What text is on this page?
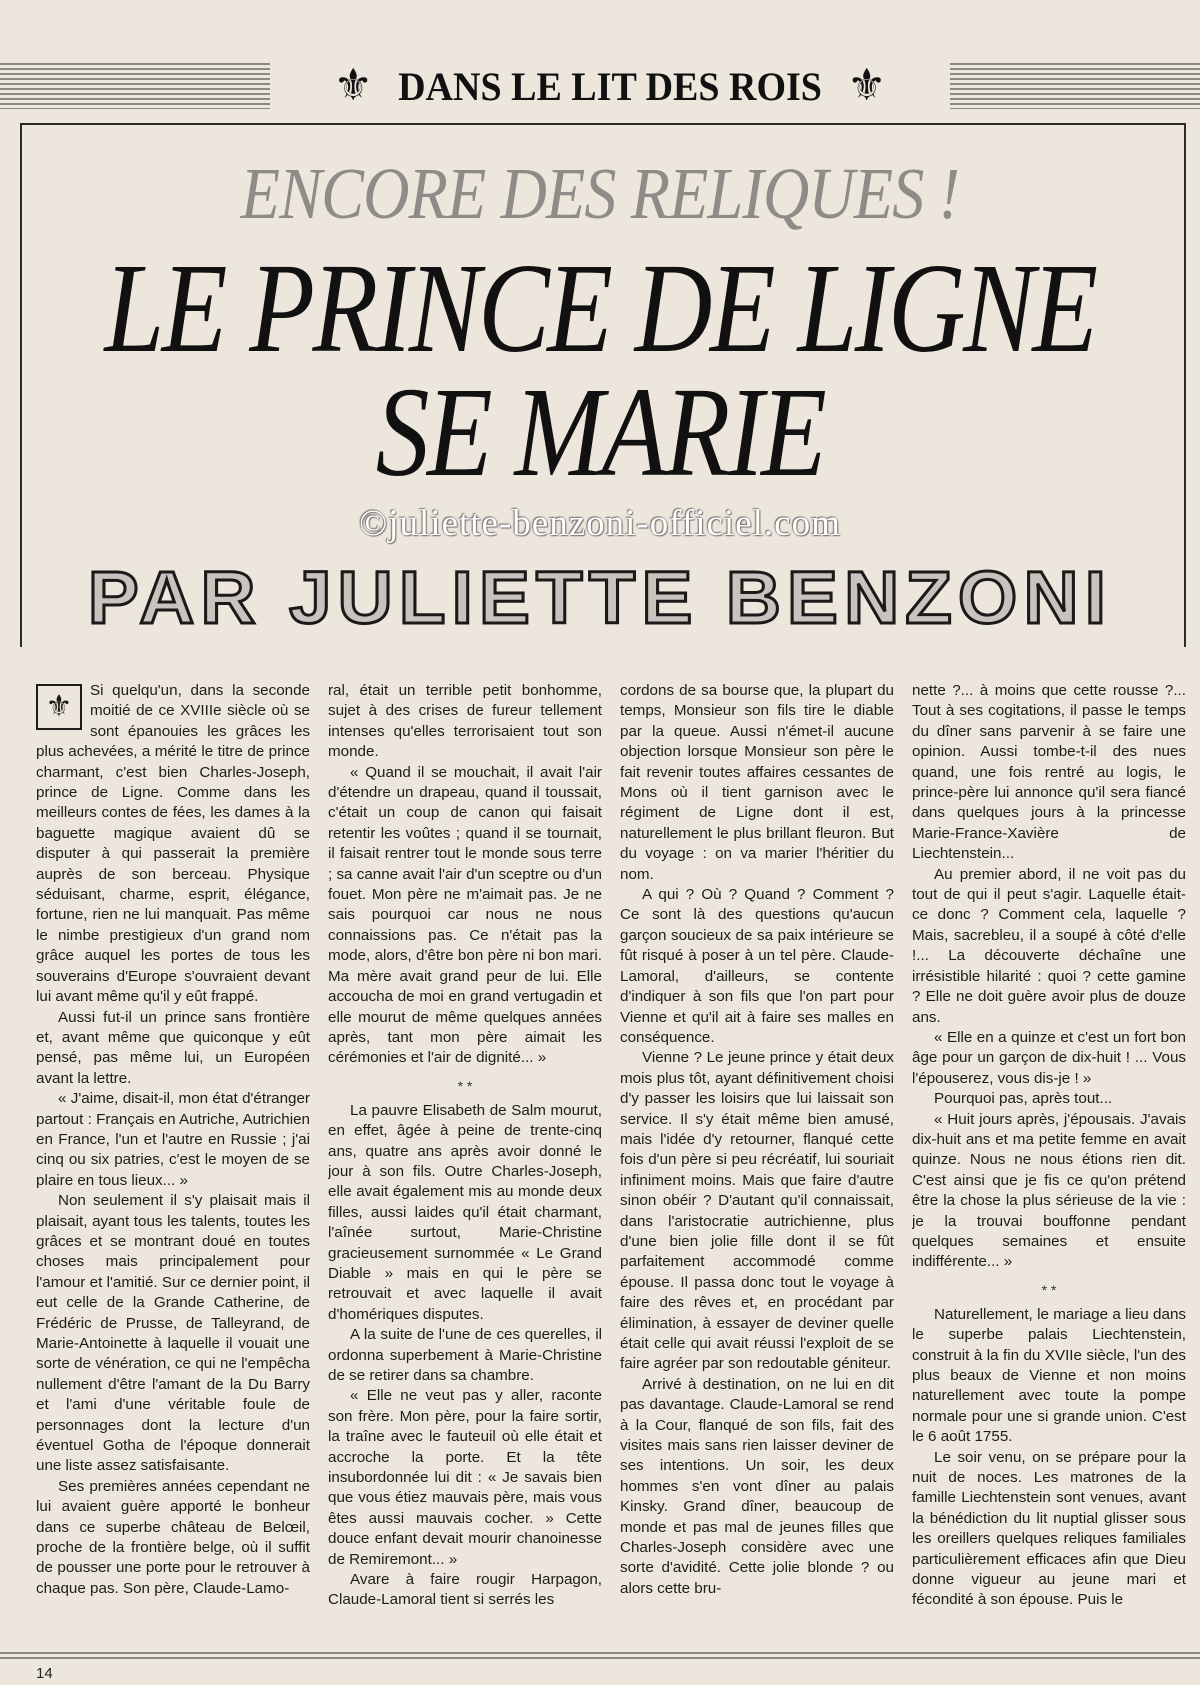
⚜ DANS LE LIT DES ROIS ⚜
ENCORE DES RELIQUES !
LE PRINCE DE LIGNE
SE MARIE
©juliette-benzoni-officiel.com
PAR JULIETTE BENZONI

⚜	Si quelqu'un, dans la seconde moitié de ce XVIIIe siècle où se sont épanouies les grâces les plus achevées, a mérité le titre de prince charmant, c'est bien Charles-Joseph, prince de Ligne. Comme dans les meilleurs contes de fées, les dames à la baguette magique avaient dû se disputer à qui passerait la première auprès de son berceau. Physique séduisant, charme, esprit, élégance, fortune, rien ne lui manquait. Pas même le nimbe prestigieux d'un grand nom grâce auquel les portes de tous les souverains d'Europe s'ouvraient devant lui avant même qu'il y eût frappé.

Aussi fut-il un prince sans frontière et, avant même que quiconque y eût pensé, pas même lui, un Européen avant la lettre.

« J'aime, disait-il, mon état d'étranger partout : Français en Autriche, Autrichien en France, l'un et l'autre en Russie ; j'ai cinq ou six patries, c'est le moyen de se plaire en tous lieux... »

Non seulement il s'y plaisait mais il plaisait, ayant tous les talents, toutes les grâces et se montrant doué en toutes choses mais principalement pour l'amour et l'amitié. Sur ce dernier point, il eut celle de la Grande Catherine, de Frédéric de Prusse, de Talleyrand, de Marie-Antoinette à laquelle il vouait une sorte de vénération, ce qui ne l'empêcha nullement d'être l'amant de la Du Barry et l'ami d'une véritable foule de personnages dont la lecture d'un éventuel Gotha de l'époque donnerait une liste assez satisfaisante.

Ses premières années cependant ne lui avaient guère apporté le bonheur dans ce superbe château de Belœil, proche de la frontière belge, où il suffit de pousser une porte pour le retrouver à chaque pas. Son père, Claude-Lamo-

ral, était un terrible petit bonhomme, sujet à des crises de fureur tellement intenses qu'elles terrorisaient tout son monde.

« Quand il se mouchait, il avait l'air d'étendre un drapeau, quand il toussait, c'était un coup de canon qui faisait retentir les voûtes ; quand il se tournait, il faisait rentrer tout le monde sous terre ; sa canne avait l'air d'un sceptre ou d'un fouet. Mon père ne m'aimait pas. Je ne sais pourquoi car nous ne nous connaissions pas. Ce n'était pas la mode, alors, d'être bon père ni bon mari. Ma mère avait grand peur de lui. Elle accoucha de moi en grand vertugadin et elle mourut de même quelques années après, tant mon père aimait les cérémonies et l'air de dignité... »

* *

La pauvre Elisabeth de Salm mourut, en effet, âgée à peine de trente-cinq ans, quatre ans après avoir donné le jour à son fils. Outre Charles-Joseph, elle avait également mis au monde deux filles, aussi laides qu'il était charmant, l'aînée surtout, Marie-Christine gracieusement surnommée « Le Grand Diable » mais en qui le père se retrouvait et avec laquelle il avait d'homériques disputes.

A la suite de l'une de ces querelles, il ordonna superbement à Marie-Christine de se retirer dans sa chambre.

« Elle ne veut pas y aller, raconte son frère. Mon père, pour la faire sortir, la traîne avec le fauteuil où elle était et accroche la porte. Et la tête insubordonnée lui dit : « Je savais bien que vous étiez mauvais père, mais vous êtes aussi mauvais cocher. » Cette douce enfant devait mourir chanoinesse de Remiremont... »

Avare à faire rougir Harpagon, Claude-Lamoral tient si serrés les

cordons de sa bourse que, la plupart du temps, Monsieur son fils tire le diable par la queue. Aussi n'émet-il aucune objection lorsque Monsieur son père le fait revenir toutes affaires cessantes de Mons où il tient garnison avec le régiment de Ligne dont il est, naturellement le plus brillant fleuron. But du voyage : on va marier l'héritier du nom.

A qui ? Où ? Quand ? Comment ? Ce sont là des questions qu'aucun garçon soucieux de sa paix intérieure se fût risqué à poser à un tel père. Claude-Lamoral, d'ailleurs, se contente d'indiquer à son fils que l'on part pour Vienne et qu'il ait à faire ses malles en conséquence.

Vienne ? Le jeune prince y était deux mois plus tôt, ayant définitivement choisi d'y passer les loisirs que lui laissait son service. Il s'y était même bien amusé, mais l'idée d'y retourner, flanqué cette fois d'un père si peu récréatif, lui souriait infiniment moins. Mais que faire d'autre sinon obéir ? D'autant qu'il connaissait, dans l'aristocratie autrichienne, plus d'une bien jolie fille dont il se fût parfaitement accommodé comme épouse. Il passa donc tout le voyage à faire des rêves et, en procédant par élimination, à essayer de deviner quelle était celle qui avait réussi l'exploit de se faire agréer par son redoutable géniteur.

Arrivé à destination, on ne lui en dit pas davantage. Claude-Lamoral se rend à la Cour, flanqué de son fils, fait des visites mais sans rien laisser deviner de ses intentions. Un soir, les deux hommes s'en vont dîner au palais Kinsky. Grand dîner, beaucoup de monde et pas mal de jeunes filles que Charles-Joseph considère avec une sorte d'avidité. Cette jolie blonde ? ou alors cette bru-

nette ?... à moins que cette rousse ?... Tout à ses cogitations, il passe le temps du dîner sans parvenir à se faire une opinion. Aussi tombe-t-il des nues quand, une fois rentré au logis, le prince-père lui annonce qu'il sera fiancé dans quelques jours à la princesse Marie-France-Xavière de Liechtenstein...

Au premier abord, il ne voit pas du tout de qui il peut s'agir. Laquelle était-ce donc ? Comment cela, laquelle ? Mais, sacrebleu, il a soupé à côté d'elle !... La découverte déchaîne une irrésistible hilarité : quoi ? cette gamine ? Elle ne doit guère avoir plus de douze ans.

« Elle en a quinze et c'est un fort bon âge pour un garçon de dix-huit ! ... Vous l'épouserez, vous dis-je ! »

Pourquoi pas, après tout...

« Huit jours après, j'épousais. J'avais dix-huit ans et ma petite femme en avait quinze. Nous ne nous étions rien dit. C'est ainsi que je fis ce qu'on prétend être la chose la plus sérieuse de la vie : je la trouvai bouffonne pendant quelques semaines et ensuite indifférente... »

* *

Naturellement, le mariage a lieu dans le superbe palais Liechtenstein, construit à la fin du XVIIe siècle, l'un des plus beaux de Vienne et non moins naturellement avec toute la pompe normale pour une si grande union. C'est le 6 août 1755.

Le soir venu, on se prépare pour la nuit de noces. Les matrones de la famille Liechtenstein sont venues, avant la bénédiction du lit nuptial glisser sous les oreillers quelques reliques familiales particulièrement efficaces afin que Dieu donne vigueur au jeune mari et fécondité à son épouse. Puis le

14
